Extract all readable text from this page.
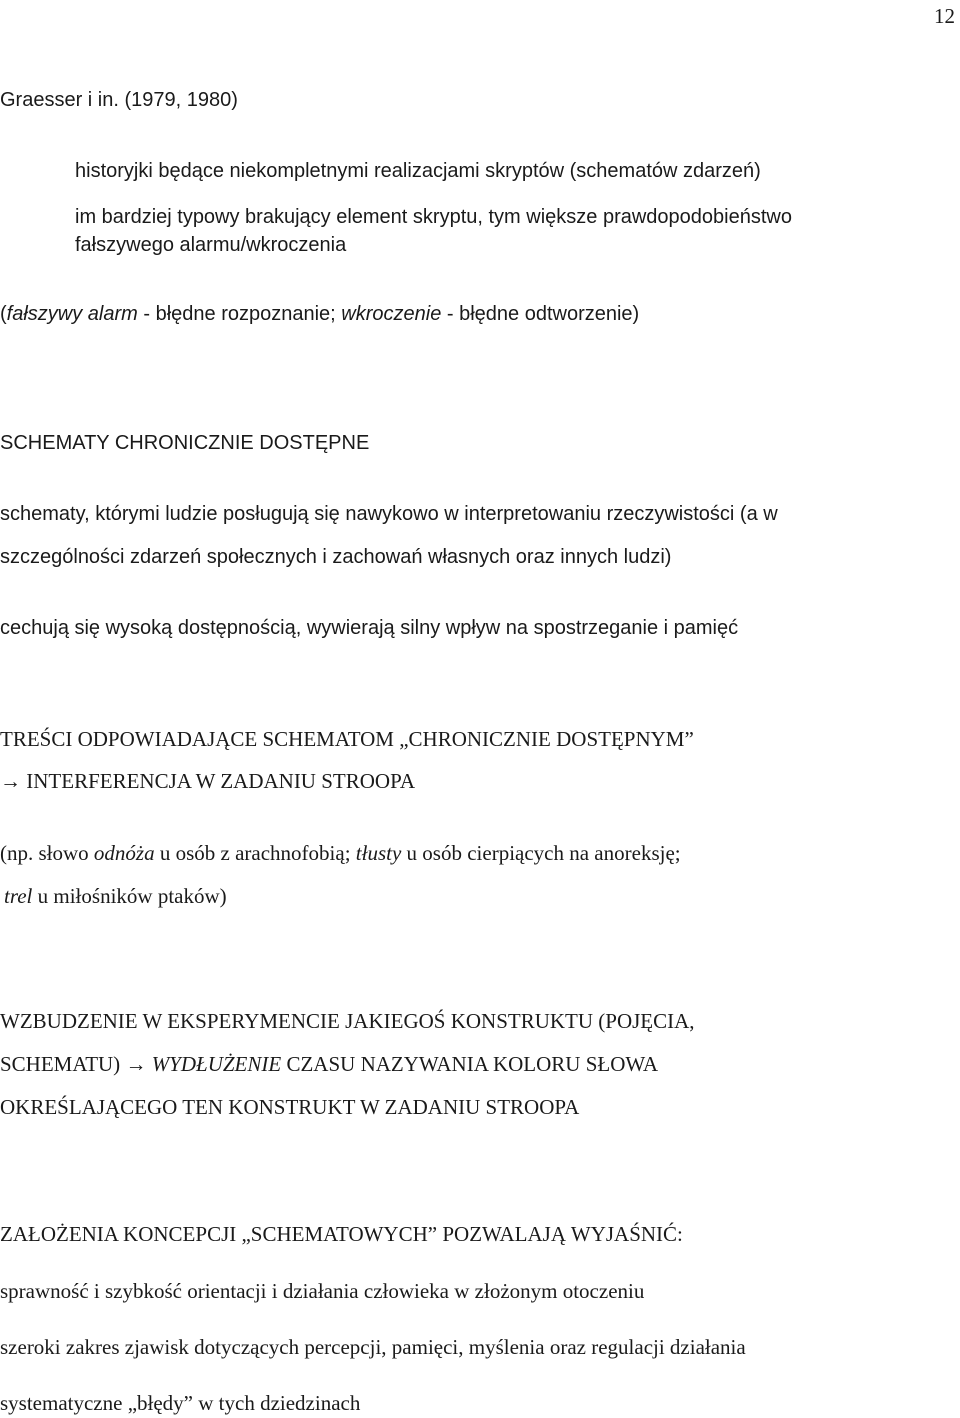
12
Graesser i in. (1979, 1980)
historyjki będące niekompletnymi realizacjami skryptów (schematów zdarzeń)
im bardziej typowy brakujący element skryptu, tym większe prawdopodobieństwo
fałszywego alarmu/wkroczenia
(fałszywy alarm - błędne rozpoznanie; wkroczenie - błędne odtworzenie)
SCHEMATY CHRONICZNIE DOSTĘPNE
schematy, którymi ludzie posługują się nawykowo w interpretowaniu rzeczywistości (a w
szczególności zdarzeń społecznych i zachowań własnych oraz innych ludzi)
cechują się wysoką dostępnością, wywierają silny wpływ na spostrzeganie i pamięć
TREŚCI ODPOWIADAJĄCE SCHEMATOM „CHRONICZNIE DOSTĘPNYM”
→ INTERFERENCJA W ZADANIU STROOPA
(np. słowo odnóża u osób z arachnofobią; tłusty u osób cierpiących na anoreksję;
trel u miłośników ptaków)
WZBUDZENIE W EKSPERYMENCIE JAKIEGOŚ KONSTRUKTU (POJĘCIA,
SCHEMATU) → WYDŁUŻENIE CZASU NAZYWANIA KOLORU SŁOWA
OKREŚLAJĄCEGO TEN KONSTRUKT W ZADANIU STROOPA
ZAŁOŻENIA KONCEPCJI „SCHEMATOWYCH” POZWALAJĄ WYJAŚNIĆ:
sprawność i szybkość orientacji i działania człowieka w złożonym otoczeniu
szeroki zakres zjawisk dotyczących percepcji, pamięci, myślenia oraz regulacji działania
systematyczne „błędy” w tych dziedzinach
